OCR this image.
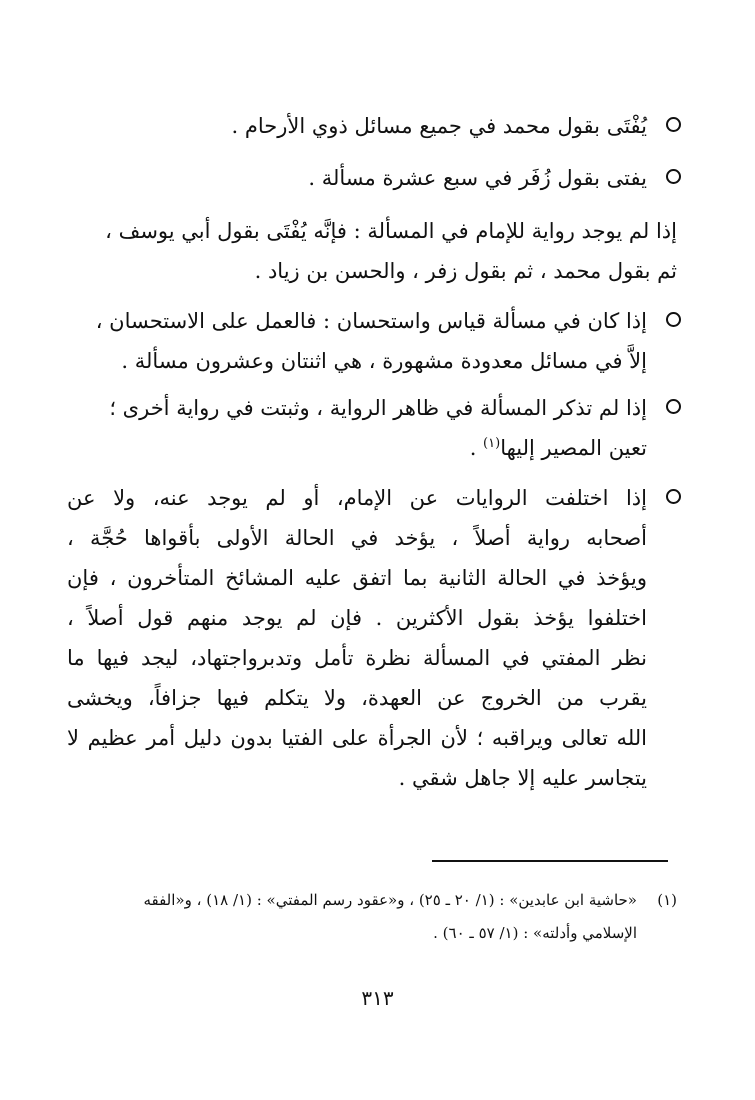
يُفْتَى بقول محمد في جميع مسائل ذوي الأرحام .
يفتى بقول زُفَر في سبع عشرة مسألة .
إذا لم يوجد رواية للإمام في المسألة : فإنَّه يُفْتَى بقول أبي يوسف ،
ثم بقول محمد ، ثم بقول زفر ، والحسن بن زياد .
إذا كان في مسألة قياس واستحسان : فالعمل على الاستحسان ،
إلاَّ في مسائل معدودة مشهورة ، هي اثنتان وعشرون مسألة .
إذا لم تذكر المسألة في ظاهر الرواية ، وثبتت في رواية أخرى ؛
تعين المصير إليها$^{(١)}$ .
إذا اختلفت الروايات عن الإمام، أو لم يوجد عنه، ولا عن
أصحابه رواية أصلاً ، يؤخد في الحالة الأولى بأقواها حُجَّة ،
ويؤخذ في الحالة الثانية بما اتفق عليه المشائخ المتأخرون ، فإن
اختلفوا يؤخذ بقول الأكثرين . فإن لم يوجد منهم قول أصلاً ،
نظر المفتي في المسألة نظرة تأمل وتدبرواجتهاد، ليجد فيها ما
يقرب من الخروج عن العهدة، ولا يتكلم فيها جزافاً، ويخشى
الله تعالى ويراقبه ؛ لأن الجرأة على الفتيا بدون دليل أمر عظيم لا
يتجاسر عليه إلا جاهل شقي .
(١)
«حاشية ابن عابدين» : (١/ ٢٠ ـ ٢٥) ، و«عقود رسم المفتي» : (١/ ١٨) ، و«الفقه
الإسلامي وأدلته» : (١/ ٥٧ ـ ٦٠) .
٣١٣
